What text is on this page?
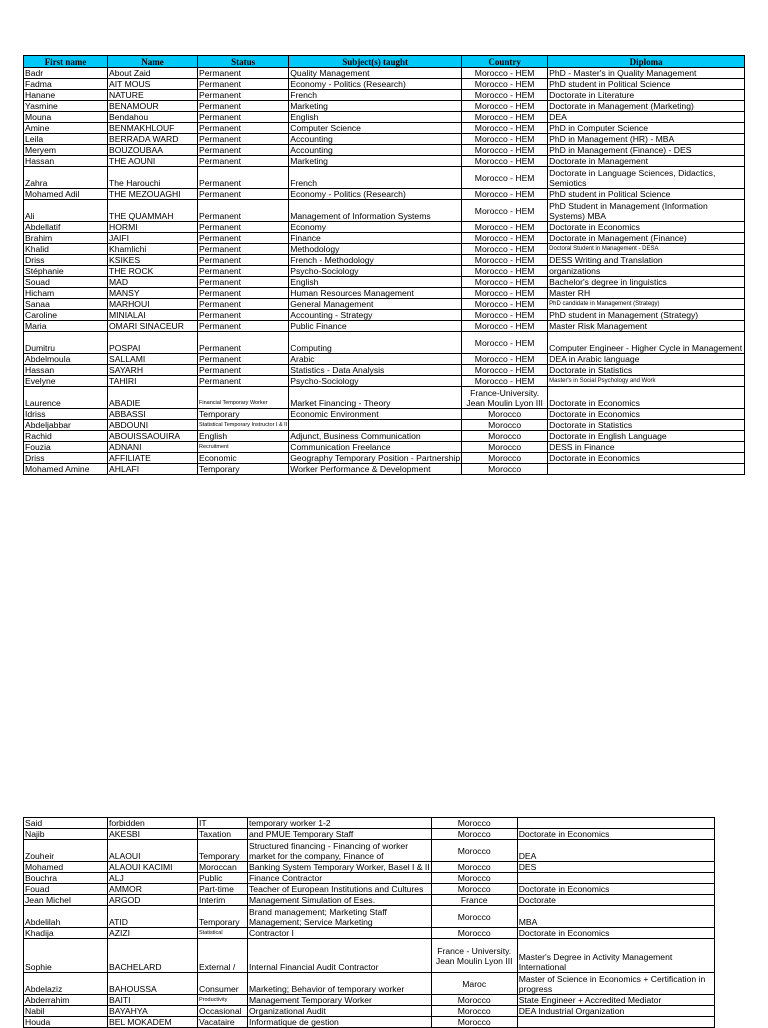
First name	Name	Status	Subject(s) taught	Country	Diploma
Badr	About Zaid	Permanent	Quality Management	Morocco - HEM	PhD - Master's in Quality Management
Fadma	AIT MOUS	Permanent	Economy - Politics (Research)	Morocco - HEM	PhD student in Political Science
Hanane	NATURE	Permanent	French	Morocco - HEM	Doctorate in Literature
Yasmine	BENAMOUR	Permanent	Marketing	Morocco - HEM	Doctorate in Management (Marketing)
Mouna	Bendahou	Permanent	English	Morocco - HEM	DEA
Amine	BENMAKHLOUF	Permanent	Computer Science	Morocco - HEM	PhD in Computer Science
Leila	BERRADA WARD	Permanent	Accounting	Morocco - HEM	PhD in Management (HR) - MBA
Meryem	BOUZOUBAA	Permanent	Accounting	Morocco - HEM	PhD in Management (Finance) - DES
Hassan	THE AOUNI	Permanent	Marketing	Morocco - HEM	Doctorate in Management
Zahra	The Harouchi	Permanent	French	Morocco - HEM	Doctorate in Language Sciences, Didactics, Semiotics
Mohamed Adil	THE MEZOUAGHI	Permanent	Economy - Politics (Research)	Morocco - HEM	PhD student in Political Science
Ali	THE QUAMMAH	Permanent	Management of Information Systems	Morocco - HEM	PhD Student in Management (Information Systems) MBA
Abdellatif	HORMI	Permanent	Economy	Morocco - HEM	Doctorate in Economics
Brahim	JAIFI	Permanent	Finance	Morocco - HEM	Doctorate in Management (Finance)
Khalid	Khamlichi	Permanent	Methodology	Morocco - HEM	Doctoral Student in Management - DESA
Driss	KSIKES	Permanent	French - Methodology	Morocco - HEM	DESS Writing and Translation
Stéphanie	THE ROCK	Permanent	Psycho-Sociology	Morocco - HEM	organizations
Souad	MAD	Permanent	English	Morocco - HEM	Bachelor's degree in linguistics
Hicham	MANSY	Permanent	Human Resources Management	Morocco - HEM	Master RH
Sanaa	MARHOUI	Permanent	General Management	Morocco - HEM	PhD candidate in Management (Strategy)
Caroline	MINIALAI	Permanent	Accounting - Strategy	Morocco - HEM	PhD student in Management (Strategy)
Maria	OMARI SINACEUR	Permanent	Public Finance	Morocco - HEM	Master Risk Management
Dumitru	POSPAI	Permanent	Computing	Morocco - HEM	Computer Engineer - Higher Cycle in Management
Abdelmoula	SALLAMI	Permanent	Arabic	Morocco - HEM	DEA in Arabic language
Hassan	SAYARH	Permanent	Statistics - Data Analysis	Morocco - HEM	Doctorate in Statistics
Evelyne	TAHIRI	Permanent	Psycho-Sociology	Morocco - HEM	Master's in Social Psychology and Work
Laurence	ABADIE	Financial Temporary Worker	Market Financing - Theory	France-University. Jean Moulin Lyon III	Doctorate in Economics
Idriss	ABBASSI	Temporary	Economic Environment	Morocco	Doctorate in Economics
Abdeljabbar	ABDOUNI	Statistical Temporary Instructor I & II		Morocco	Doctorate in Statistics
Rachid	ABOUISSAOUIRA	English	Adjunct, Business Communication	Morocco	Doctorate in English Language
Fouzia	ADNANI	Recruitment	Communication Freelance	Morocco	DESS in Finance
Driss	AFFILIATE	Economic	Geography Temporary Position - Partnership	Morocco	Doctorate in Economics
Mohamed Amine	AHLAFI	Temporary	Worker Performance & Development	Morocco	
Said	forbidden	IT	temporary worker 1-2	Morocco	
Najib	AKESBI	Taxation	and PMUE Temporary Staff	Morocco	Doctorate in Economics
Zouheir	ALAOUI	Temporary	Structured financing - Financing of worker market for the company, Finance of	Morocco	DEA
Mohamed	ALAOUI KACIMI	Moroccan	Banking System Temporary Worker, Basel I & II	Morocco	DES
Bouchra	ALJ	Public	Finance Contractor	Morocco	
Fouad	AMMOR	Part-time	Teacher of European Institutions and Cultures	Morocco	Doctorate in Economics
Jean Michel	ARGOD	Interim	Management Simulation of Eses.	France	Doctorate
Abdelilah	ATID	Temporary	Brand management; Marketing Staff Management; Service Marketing	Morocco	MBA
Khadija	AZIZI	Statistical	Contractor I	Morocco	Doctorate in Economics
Sophie	BACHELARD	External /	Internal Financial Audit Contractor	France - University. Jean Moulin Lyon III	Master's Degree in Activity Management International
Abdelaziz	BAHOUSSA	Consumer	Marketing; Behavior of temporary worker	Maroc	Master of Science in Economics + Certification in progress
Abderrahim	BAITI	Productivity	Management Temporary Worker	Morocco	State Engineer + Accredited Mediator
Nabil	BAYAHYA	Occasional	Organizational Audit	Morocco	DEA Industrial Organization
Houda	BEL MOKADEM	Vacataire	Informatique de gestion	Morocco	
